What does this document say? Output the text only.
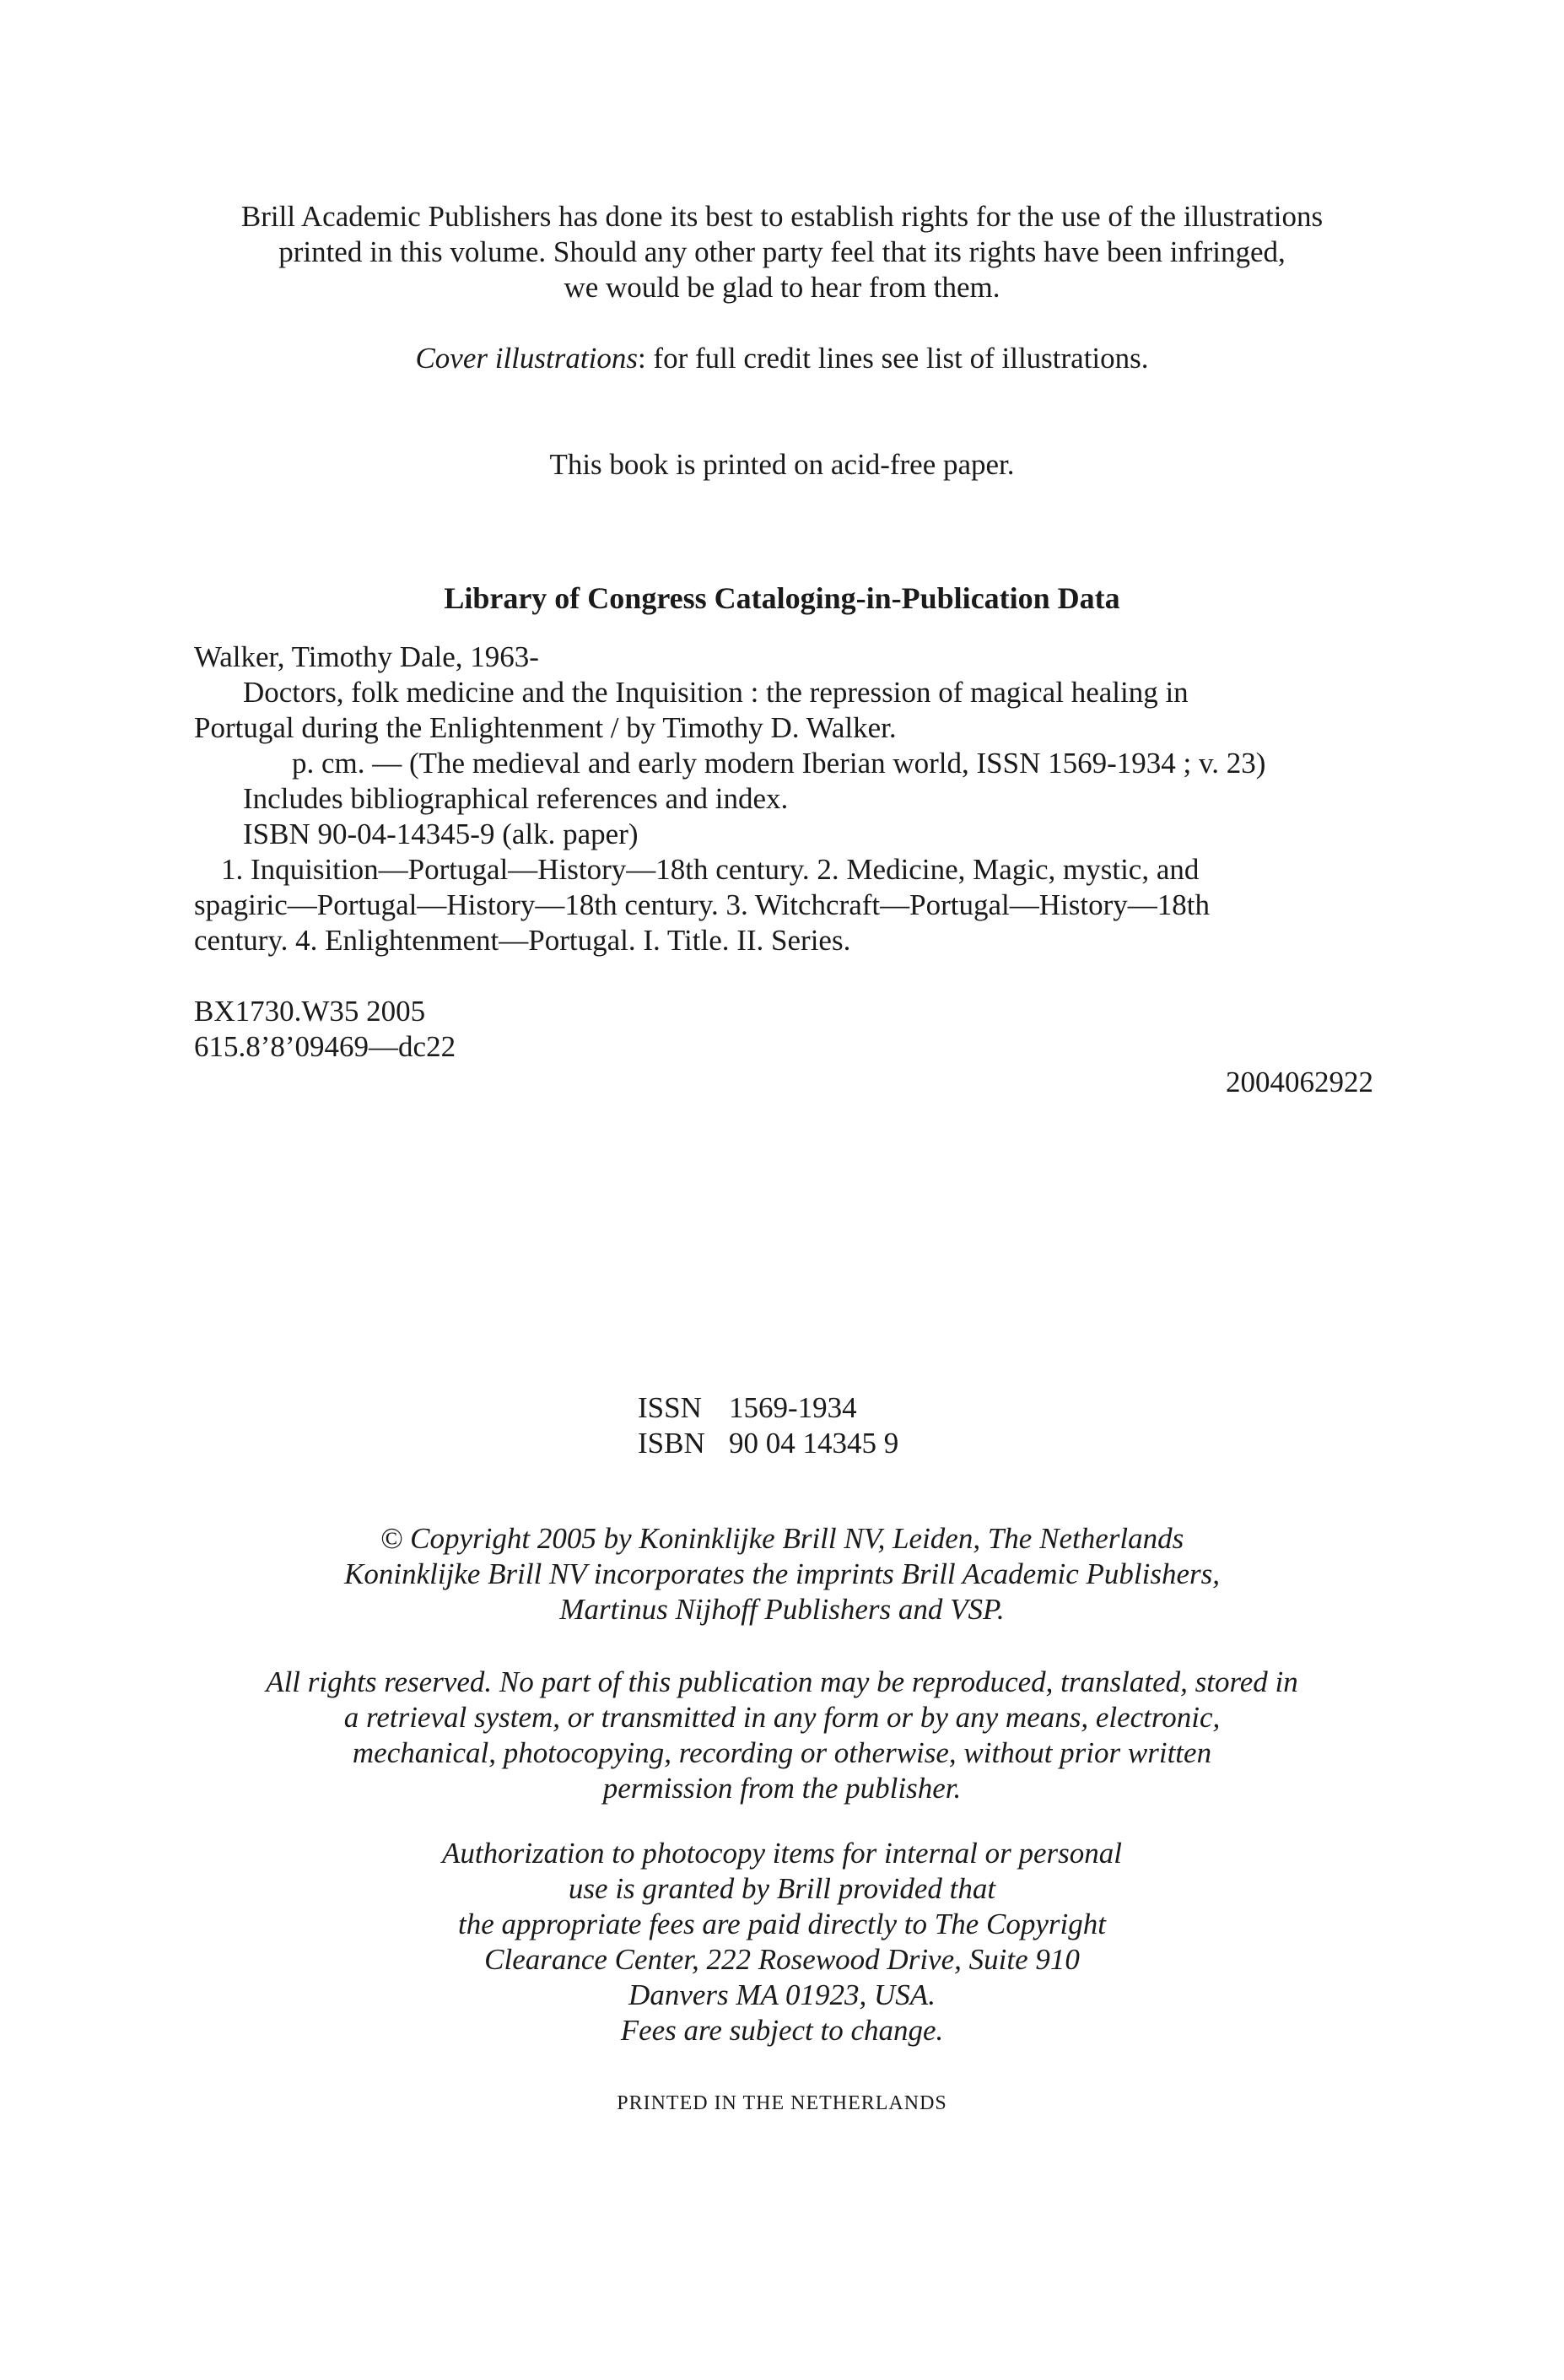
Brill Academic Publishers has done its best to establish rights for the use of the illustrations
printed in this volume. Should any other party feel that its rights have been infringed,
we would be glad to hear from them.
Cover illustrations: for full credit lines see list of illustrations.
This book is printed on acid-free paper.
Library of Congress Cataloging-in-Publication Data
Walker, Timothy Dale, 1963-
Doctors, folk medicine and the Inquisition : the repression of magical healing in
Portugal during the Enlightenment / by Timothy D. Walker.
p. cm. — (The medieval and early modern Iberian world, ISSN 1569-1934 ; v. 23)
Includes bibliographical references and index.
ISBN 90-04-14345-9 (alk. paper)
1. Inquisition—Portugal—History—18th century. 2. Medicine, Magic, mystic, and
spagiric—Portugal—History—18th century. 3. Witchcraft—Portugal—History—18th
century. 4. Enlightenment—Portugal. I. Title. II. Series.
BX1730.W35 2005
615.8’8’09469—dc22
2004062922
ISSN 1569-1934
ISBN 90 04 14345 9
© Copyright 2005 by Koninklijke Brill NV, Leiden, The Netherlands
Koninklijke Brill NV incorporates the imprints Brill Academic Publishers,
Martinus Nijhoff Publishers and VSP.
All rights reserved. No part of this publication may be reproduced, translated, stored in
a retrieval system, or transmitted in any form or by any means, electronic,
mechanical, photocopying, recording or otherwise, without prior written
permission from the publisher.
Authorization to photocopy items for internal or personal
use is granted by Brill provided that
the appropriate fees are paid directly to The Copyright
Clearance Center, 222 Rosewood Drive, Suite 910
Danvers MA 01923, USA.
Fees are subject to change.
PRINTED IN THE NETHERLANDS
